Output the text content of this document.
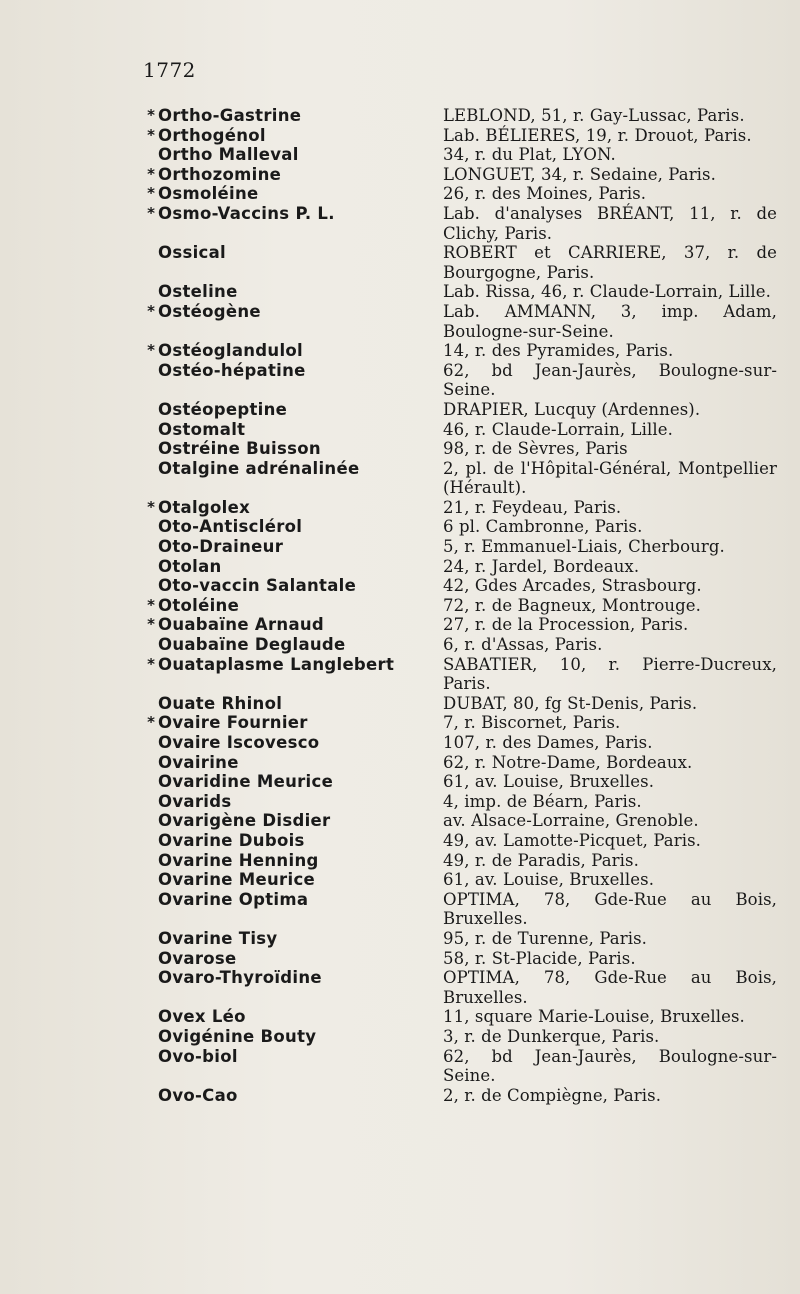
1772
* Ortho-Gastrine	LEBLOND, 51, r. Gay-Lussac, Paris.
* Orthogénol	Lab. BÉLIERES, 19, r. Drouot, Paris.
Ortho Malleval	34, r. du Plat, LYON.
* Orthozomine	LONGUET, 34, r. Sedaine, Paris.
* Osmoléine	26, r. des Moines, Paris.
* Osmo-Vaccins P. L.	Lab. d'analyses BRÉANT, 11, r. de Clichy, Paris.
Ossical	ROBERT et CARRIERE, 37, r. de Bourgogne, Paris.
Osteline	Lab. Rissa, 46, r. Claude-Lorrain, Lille.
* Ostéogène	Lab. AMMANN, 3, imp. Adam, Boulogne-sur-Seine.
* Ostéoglandulol	14, r. des Pyramides, Paris.
Ostéo-hépatine	62, bd Jean-Jaurès, Boulogne-sur-Seine.
Ostéopeptine	DRAPIER, Lucquy (Ardennes).
Ostomalt	46, r. Claude-Lorrain, Lille.
Ostréine Buisson	98, r. de Sèvres, Paris
Otalgine adrénalinée	2, pl. de l'Hôpital-Général, Montpellier (Hérault).
* Otalgolex	21, r. Feydeau, Paris.
Oto-Antisclérol	6 pl. Cambronne, Paris.
Oto-Draineur	5, r. Emmanuel-Liais, Cherbourg.
Otolan	24, r. Jardel, Bordeaux.
Oto-vaccin Salantale	42, Gdes Arcades, Strasbourg.
* Otoléine	72, r. de Bagneux, Montrouge.
* Ouabaïne Arnaud	27, r. de la Procession, Paris.
Ouabaïne Deglaude	6, r. d'Assas, Paris.
* Ouataplasme Langlebert	SABATIER, 10, r. Pierre-Ducreux, Paris.
Ouate Rhinol	DUBAT, 80, fg St-Denis, Paris.
* Ovaire Fournier	7, r. Biscornet, Paris.
Ovaire Iscovesco	107, r. des Dames, Paris.
Ovairine	62, r. Notre-Dame, Bordeaux.
Ovaridine Meurice	61, av. Louise, Bruxelles.
Ovarids	4, imp. de Béarn, Paris.
Ovarigène Disdier	av. Alsace-Lorraine, Grenoble.
Ovarine Dubois	49, av. Lamotte-Picquet, Paris.
Ovarine Henning	49, r. de Paradis, Paris.
Ovarine Meurice	61, av. Louise, Bruxelles.
Ovarine Optima	OPTIMA, 78, Gde-Rue au Bois, Bruxelles.
Ovarine Tisy	95, r. de Turenne, Paris.
Ovarose	58, r. St-Placide, Paris.
Ovaro-Thyroïdine	OPTIMA, 78, Gde-Rue au Bois, Bruxelles.
Ovex Léo	11, square Marie-Louise, Bruxelles.
Ovigénine Bouty	3, r. de Dunkerque, Paris.
Ovo-biol	62, bd Jean-Jaurès, Boulogne-sur-Seine.
Ovo-Cao	2, r. de Compiègne, Paris.
